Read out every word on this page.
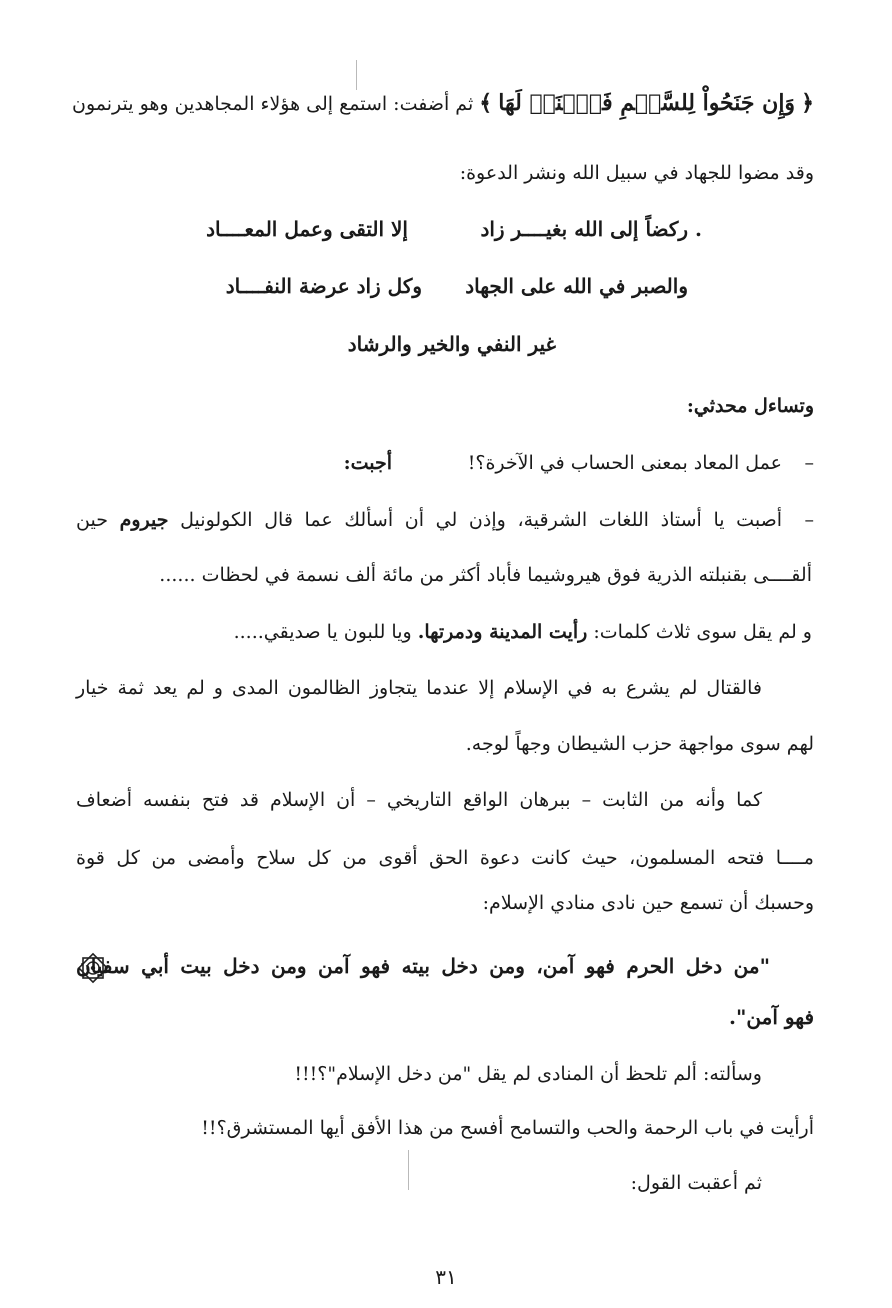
﴿ وَإِن جَنَحُواْ لِلسَّلۡمِ فَٱجۡنَحۡ لَهَا ﴾ ثم أضفت: استمع إلى هؤلاء المجاهدين وهو يترنمون
وقد مضوا للجهاد في سبيل الله ونشر الدعوة:
. ركضاً إلى الله بغيــــر زاد
إلا التقى وعمل المعــــاد
والصبر في الله على الجهاد
وكل زاد عرضة النفــــاد
غير النفي والخير والرشاد
وتساءل محدثي:
–
عمل المعاد بمعنى الحساب في الآخرة؟!
أجبت:
–
أصبت يا أستاذ اللغات الشرقية، وإذن لي أن أسألك عما قال الكولونيل جيروم حين
ألقــــى بقنبلته الذرية فوق هيروشيما فأباد أكثر من مائة ألف نسمة في لحظات ......
و لم يقل سوى ثلاث كلمات: رأيت المدينة ودمرتها. ويا للبون يا صديقي.....
فالقتال لم يشرع به في الإسلام إلا عندما يتجاوز الظالمون المدى و لم يعد ثمة خيار
لهم سوى مواجهة حزب الشيطان وجهاً لوجه.
كما وأنه من الثابت – ببرهان الواقع التاريخي – أن الإسلام قد فتح بنفسه أضعاف
مــــا فتحه المسلمون، حيث كانت دعوة الحق أقوى من كل سلاح وأمضى من كل قوة
وحسبك أن تسمع حين نادى منادي الإسلام:
"من دخل الحرم فهو آمن، ومن دخل بيته فهو آمن ومن دخل بيت أبي سفيان
فهو آمن".
وسألته: ألم تلحظ أن المنادى لم يقل "من دخل الإسلام"؟!!!
أرأيت في باب الرحمة والحب والتسامح أفسح من هذا الأفق أيها المستشرق؟!!
ثم أعقبت القول:
٣١
